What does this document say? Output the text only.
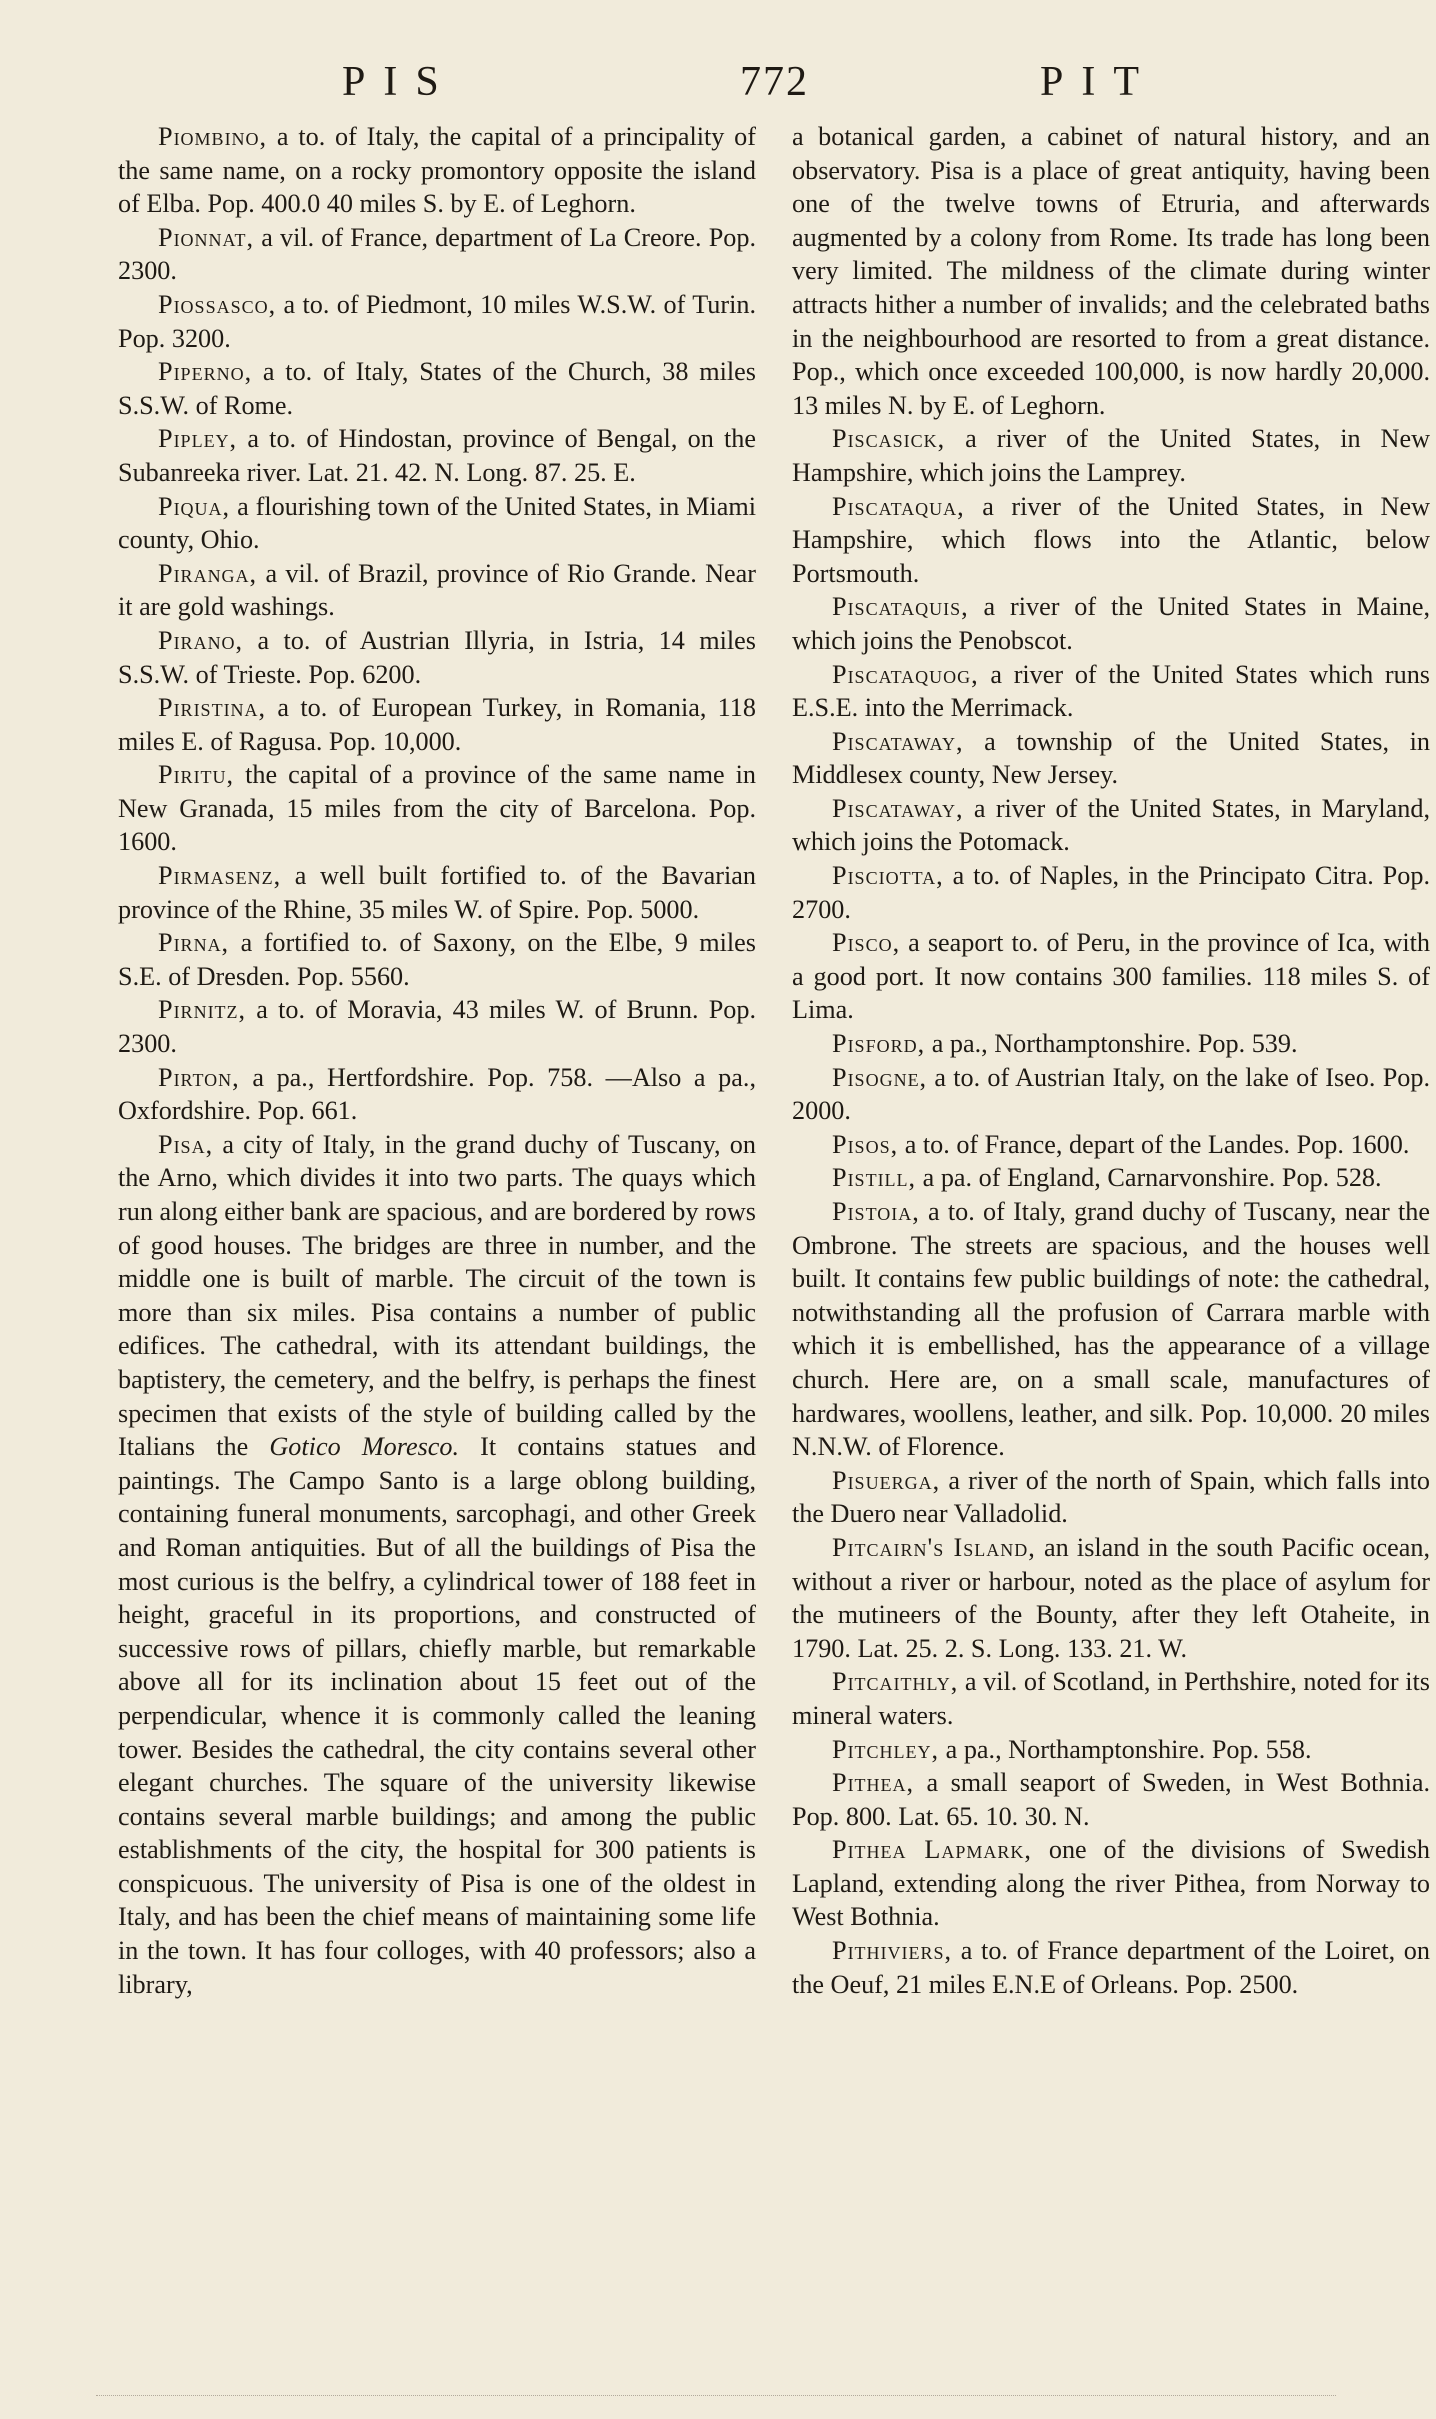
PIS	772	PIT

Piombino, a to. of Italy, the capital of a principality of the same name, on a rocky promontory opposite the island of Elba. Pop. 400.0 40 miles S. by E. of Leghorn.

Pionnat, a vil. of France, department of La Creore. Pop. 2300.

Piossasco, a to. of Piedmont, 10 miles W.S.W. of Turin. Pop. 3200.

Piperno, a to. of Italy, States of the Church, 38 miles S.S.W. of Rome.

Pipley, a to. of Hindostan, province of Bengal, on the Subanreeka river. Lat. 21. 42. N. Long. 87. 25. E.

Piqua, a flourishing town of the United States, in Miami county, Ohio.

Piranga, a vil. of Brazil, province of Rio Grande. Near it are gold washings.

Pirano, a to. of Austrian Illyria, in Istria, 14 miles S.S.W. of Trieste. Pop. 6200.

Piristina, a to. of European Turkey, in Romania, 118 miles E. of Ragusa. Pop. 10,000.

Piritu, the capital of a province of the same name in New Granada, 15 miles from the city of Barcelona. Pop. 1600.

Pirmasenz, a well built fortified to. of the Bavarian province of the Rhine, 35 miles W. of Spire. Pop. 5000.

Pirna, a fortified to. of Saxony, on the Elbe, 9 miles S.E. of Dresden. Pop. 5560.

Pirnitz, a to. of Moravia, 43 miles W. of Brunn. Pop. 2300.

Pirton, a pa., Hertfordshire. Pop. 758. —Also a pa., Oxfordshire. Pop. 661.

Pisa, a city of Italy, in the grand duchy of Tuscany, on the Arno, which divides it into two parts. The quays which run along either bank are spacious, and are bordered by rows of good houses. The bridges are three in number, and the middle one is built of marble. The circuit of the town is more than six miles. Pisa contains a number of public edifices. The cathedral, with its attendant buildings, the baptistery, the cemetery, and the belfry, is perhaps the finest specimen that exists of the style of building called by the Italians the Gotico Moresco. It contains statues and paintings. The Campo Santo is a large oblong building, containing funeral monuments, sarcophagi, and other Greek and Roman antiquities. But of all the buildings of Pisa the most curious is the belfry, a cylindrical tower of 188 feet in height, graceful in its proportions, and constructed of successive rows of pillars, chiefly marble, but remarkable above all for its inclination about 15 feet out of the perpendicular, whence it is commonly called the leaning tower. Besides the cathedral, the city contains several other elegant churches. The square of the university likewise contains several marble buildings; and among the public establishments of the city, the hospital for 300 patients is conspicuous. The university of Pisa is one of the oldest in Italy, and has been the chief means of maintaining some life in the town. It has four colloges, with 40 professors; also a library,

a botanical garden, a cabinet of natural history, and an observatory. Pisa is a place of great antiquity, having been one of the twelve towns of Etruria, and afterwards augmented by a colony from Rome. Its trade has long been very limited. The mildness of the climate during winter attracts hither a number of invalids; and the celebrated baths in the neighbourhood are resorted to from a great distance. Pop., which once exceeded 100,000, is now hardly 20,000. 13 miles N. by E. of Leghorn.

Piscasick, a river of the United States, in New Hampshire, which joins the Lamprey.

Piscataqua, a river of the United States, in New Hampshire, which flows into the Atlantic, below Portsmouth.

Piscataquis, a river of the United States in Maine, which joins the Penobscot.

Piscataquog, a river of the United States which runs E.S.E. into the Merrimack.

Piscataway, a township of the United States, in Middlesex county, New Jersey.

Piscataway, a river of the United States, in Maryland, which joins the Potomack.

Pisciotta, a to. of Naples, in the Principato Citra. Pop. 2700.

Pisco, a seaport to. of Peru, in the province of Ica, with a good port. It now contains 300 families. 118 miles S. of Lima.

Pisford, a pa., Northamptonshire. Pop. 539.

Pisogne, a to. of Austrian Italy, on the lake of Iseo. Pop. 2000.

Pisos, a to. of France, depart of the Landes. Pop. 1600.

Pistill, a pa. of England, Carnarvonshire. Pop. 528.

Pistoia, a to. of Italy, grand duchy of Tuscany, near the Ombrone. The streets are spacious, and the houses well built. It contains few public buildings of note: the cathedral, notwithstanding all the profusion of Carrara marble with which it is embellished, has the appearance of a village church. Here are, on a small scale, manufactures of hardwares, woollens, leather, and silk. Pop. 10,000. 20 miles N.N.W. of Florence.

Pisuerga, a river of the north of Spain, which falls into the Duero near Valladolid.

Pitcairn's Island, an island in the south Pacific ocean, without a river or harbour, noted as the place of asylum for the mutineers of the Bounty, after they left Otaheite, in 1790. Lat. 25. 2. S. Long. 133. 21. W.

Pitcaithly, a vil. of Scotland, in Perthshire, noted for its mineral waters.

Pitchley, a pa., Northamptonshire. Pop. 558.

Pithea, a small seaport of Sweden, in West Bothnia. Pop. 800. Lat. 65. 10. 30. N.

Pithea Lapmark, one of the divisions of Swedish Lapland, extending along the river Pithea, from Norway to West Bothnia.

Pithiviers, a to. of France department of the Loiret, on the Oeuf, 21 miles E.N.E of Orleans. Pop. 2500.
